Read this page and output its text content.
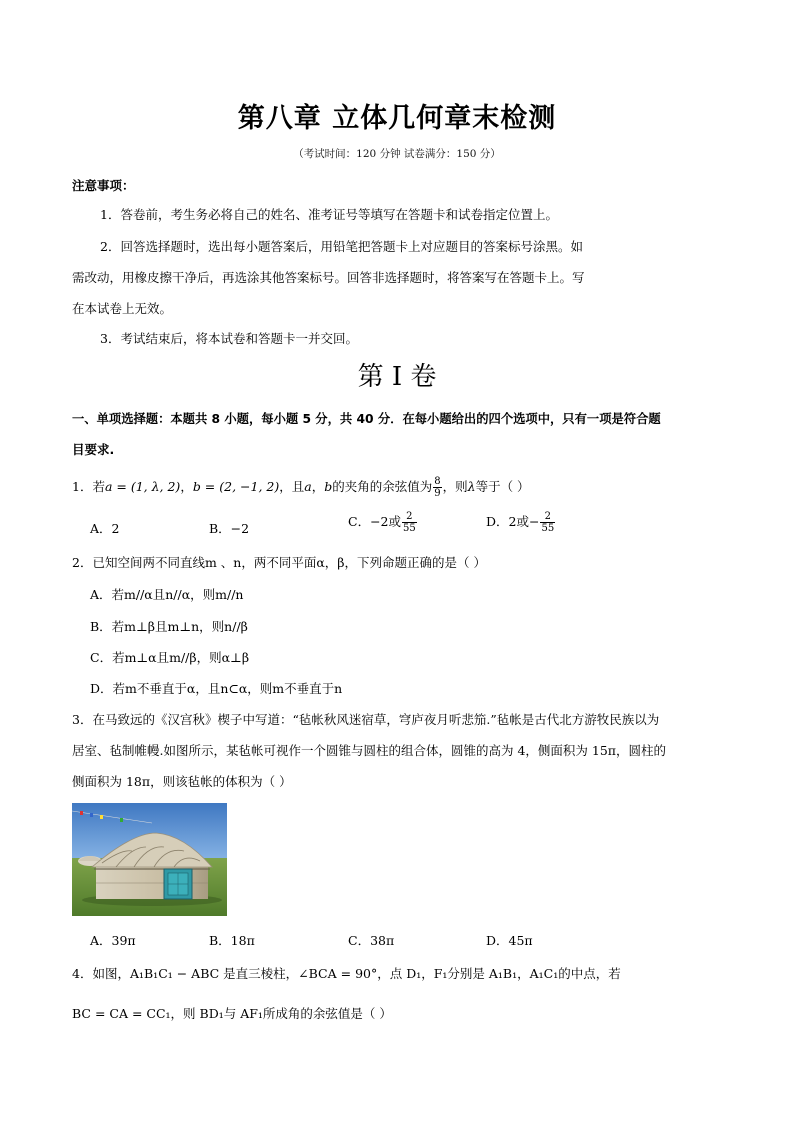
第八章 立体几何章末检测
（考试时间：120 分钟 试卷满分：150 分）
注意事项：
1．答卷前，考生务必将自己的姓名、准考证号等填写在答题卡和试卷指定位置上。
2．回答选择题时，选出每小题答案后，用铅笔把答题卡上对应题目的答案标号涂黑。如
需改动，用橡皮擦干净后，再选涂其他答案标号。回答非选择题时，将答案写在答题卡上。写
在本试卷上无效。
3．考试结束后，将本试卷和答题卡一并交回。
第 I 卷
一、单项选择题：本题共 8 小题，每小题 5 分，共 40 分．在每小题给出的四个选项中，只有一项是符合题
目要求.
1．若a = (1, λ, 2)，b = (2, −1, 2)，且a，b的夹角的余弦值为 $\frac{8}{9}$ ，则λ等于（ ）
A．2	B．−2	C．−2或 $\frac{2}{55}$	D．2或− $\frac{2}{55}$
2．已知空间两不同直线m 、n，两不同平面α，β，下列命题正确的是（ ）
A．若m//α且n//α，则m//n
B．若m⊥β且m⊥n，则n//β
C．若m⊥α且m//β，则α⊥β
D．若m不垂直于α，且n⊂α，则m不垂直于n
3．在马致远的《汉宫秋》楔子中写道：“毡帐秋风迷宿草，穹庐夜月听悲笳.”毡帐是古代北方游牧民族以为
居室、毡制帷幔.如图所示，某毡帐可视作一个圆锥与圆柱的组合体，圆锥的高为 4，侧面积为 15π，圆柱的
侧面积为 18π，则该毡帐的体积为（ ）
A．39π	B．18π	C．38π	D．45π
4．如图，A₁B₁C₁ − ABC 是直三棱柱，∠BCA = 90°，点 D₁，F₁分别是 A₁B₁，A₁C₁的中点，若
BC = CA = CC₁，则 BD₁与 AF₁所成角的余弦值是（ ）
